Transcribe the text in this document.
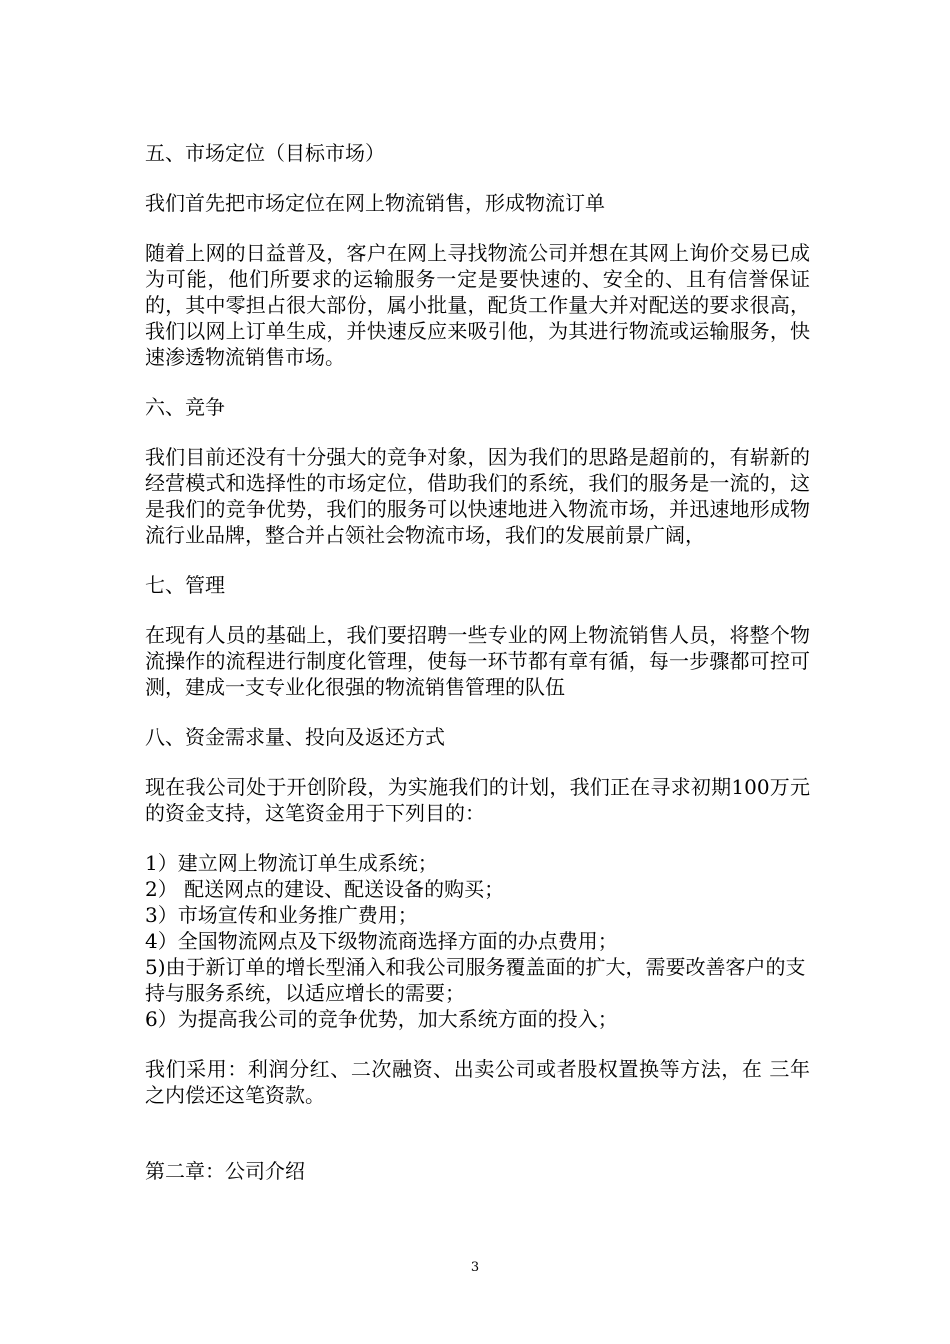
五、市场定位（目标市场）

我们首先把市场定位在网上物流销售，形成物流订单

随着上网的日益普及，客户在网上寻找物流公司并想在其网上询价交易已成为可能，他们所要求的运输服务一定是要快速的、安全的、且有信誉保证的，其中零担占很大部份，属小批量，配货工作量大并对配送的要求很高，我们以网上订单生成，并快速反应来吸引他，为其进行物流或运输服务，快速渗透物流销售市场。

六、竞争

我们目前还没有十分强大的竞争对象，因为我们的思路是超前的，有崭新的经营模式和选择性的市场定位，借助我们的系统，我们的服务是一流的，这是我们的竞争优势，我们的服务可以快速地进入物流市场，并迅速地形成物流行业品牌，整合并占领社会物流市场，我们的发展前景广阔，

七、管理

在现有人员的基础上，我们要招聘一些专业的网上物流销售人员，将整个物流操作的流程进行制度化管理，使每一环节都有章有循，每一步骤都可控可测，建成一支专业化很强的物流销售管理的队伍

八、资金需求量、投向及返还方式

现在我公司处于开创阶段，为实施我们的计划，我们正在寻求初期100万元的资金支持，这笔资金用于下列目的：

1）建立网上物流订单生成系统；

2） 配送网点的建设、配送设备的购买；

3）市场宣传和业务推广费用；

4）全国物流网点及下级物流商选择方面的办点费用；

5)由于新订单的增长型涌入和我公司服务覆盖面的扩大，需要改善客户的支持与服务系统，以适应增长的需要；

6）为提高我公司的竞争优势，加大系统方面的投入；

我们采用：利润分红、二次融资、出卖公司或者股权置换等方法，在 三年之内偿还这笔资款。

第二章：公司介绍

3
